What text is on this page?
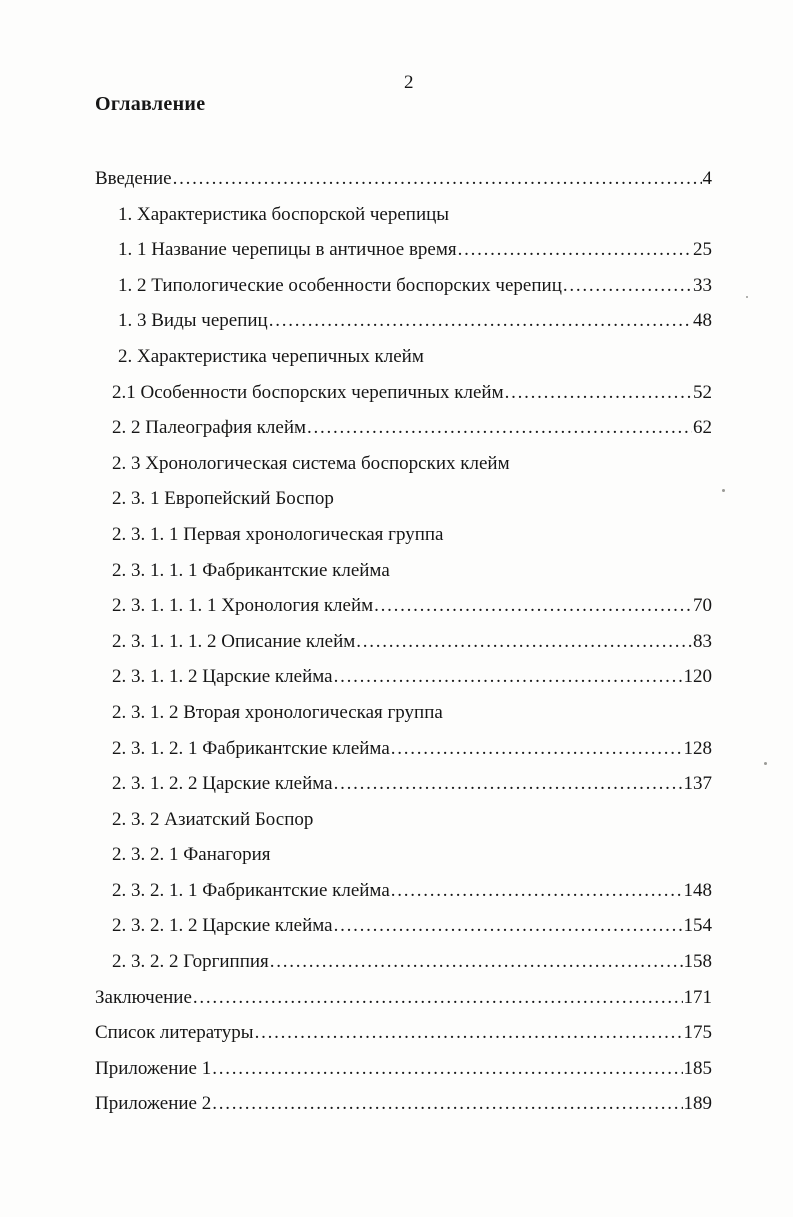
2
Оглавление
Введение . . .	4
1. Характеристика боспорской черепицы
1. 1 Название черепицы в античное время . . .	25
1. 2 Типологические особенности боспорских черепиц . . .	33
1. 3 Виды черепиц . . .	48
2. Характеристика черепичных клейм
2.1 Особенности боспорских черепичных клейм . . .	52
2. 2 Палеография клейм . . .	62
2. 3 Хронологическая система боспорских клейм
2. 3. 1 Европейский Боспор
2. 3. 1. 1 Первая хронологическая группа
2. 3. 1. 1. 1 Фабрикантские клейма
2. 3. 1. 1. 1. 1 Хронология клейм . . .	70
2. 3. 1. 1. 1. 2 Описание клейм . . .	83
2. 3. 1. 1. 2 Царские клейма . . .	120
2. 3. 1. 2 Вторая хронологическая группа
2. 3. 1. 2. 1 Фабрикантские клейма . . .	128
2. 3. 1. 2. 2 Царские клейма . . .	137
2. 3. 2 Азиатский Боспор
2. 3. 2. 1 Фанагория
2. 3. 2. 1. 1 Фабрикантские клейма . . .	148
2. 3. 2. 1. 2 Царские клейма . . .	154
2. 3. 2. 2 Горгиппия . . .	158
Заключение . . .	171
Список литературы . . .	175
Приложение 1 . . .	185
Приложение 2 . . .	189
